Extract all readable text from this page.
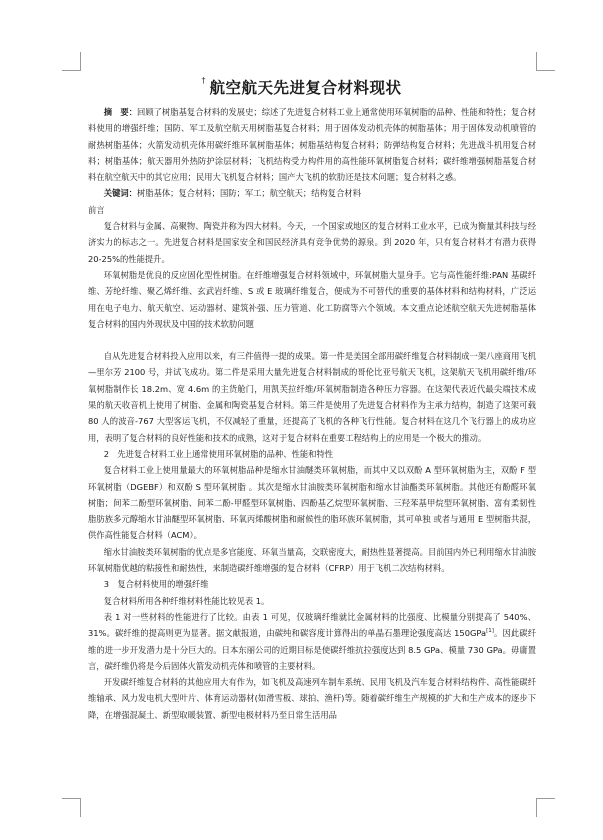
† 航空航天先进复合材料现状

摘　要：回顾了树脂基复合材料的发展史；综述了先进复合材料工业上通常使用环氧树脂的品种、性能和特性；复合材料使用的增强纤维；国防、军工及航空航天用树脂基复合材料；用于固体发动机壳体的树脂基体；用于固体发动机喷管的耐热树脂基体；火箭发动机壳体用碳纤维环氧树脂基体；树脂基结构复合材料；防弹结构复合材料；先进战斗机用复合材料；树脂基体；航天器用外热防护涂层材料；飞机结构受力构件用的高性能环氧树脂复合材料；碳纤维增强树脂基复合材料在航空航天中的其它应用；民用大飞机复合材料；国产大飞机的软肋还是技术问题；复合材料之惑。

关键词：树脂基体；复合材料；国防；军工；航空航天；结构复合材料

前言

复合材料与金属、高聚物、陶瓷并称为四大材料。今天，一个国家或地区的复合材料工业水平，已成为衡量其科技与经济实力的标志之一。先进复合材料是国家安全和国民经济具有竞争优势的源泉。到 2020 年，只有复合材料才有潜力获得 20-25%的性能提升。

环氧树脂是优良的反应固化型性树脂。在纤维增强复合材料领域中，环氧树脂大显身手。它与高性能纤维:PAN 基碳纤维、芳纶纤维、聚乙烯纤维、玄武岩纤维、S 或 E 玻璃纤维复合，便成为不可替代的重要的基体材料和结构材料，广泛运用在电子电力、航天航空、运动器材、建筑补强、压力管道、化工防腐等六个领域。本文重点论述航空航天先进树脂基体复合材料的国内外现状及中国的技术软肋问题

自从先进复合材料投入应用以来，有三件值得一提的成果。第一件是美国全部用碳纤维复合材料制成一架八座商用飞机—里尔芳 2100 号，并试飞成功。第二件是采用大量先进复合材料制成的哥伦比亚号航天飞机，这架航天飞机用碳纤维/环氧树脂制作长 18.2m、宽 4.6m 的主货舱门，用凯芙拉纤维/环氧树脂制造各种压力容器。在这架代表近代最尖端技术成果的航天收音机上使用了树脂、金属和陶瓷基复合材料。第三件是使用了先进复合材料作为主承力结构，制造了这架可载 80 人的波音-767 大型客运飞机，不仅减轻了重量，还提高了飞机的各种飞行性能。复合材料在这几个飞行器上的成功应用，表明了复合材料的良好性能和技术的成熟，这对于复合材料在重要工程结构上的应用是一个极大的推动。

2　先进复合材料工业上通常使用环氧树脂的品种、性能和特性

复合材料工业上使用量最大的环氧树脂品种是缩水甘油醚类环氧树脂，而其中又以双酚 A 型环氧树脂为主，双酚 F 型环氧树脂（DGEBF）和双酚 S 型环氧树脂 。其次是缩水甘油胺类环氧树脂和缩水甘油酯类环氧树脂。其他还有酚醛环氧树脂；间苯二酚型环氧树脂、间苯二酚-甲醛型环氧树脂、四酚基乙烷型环氧树脂、三羟苯基甲烷型环氧树脂、富有柔韧性脂肪族多元醇缩水甘油醚型环氧树脂、环氧丙烯酸树脂和耐候性的脂环族环氧树脂，其可单独 或者与通用 E 型树脂共混，供作高性能复合材料（ACM）。

缩水甘油胺类环氧树脂的优点是多官能度、环氧当量高，交联密度大，耐热性显著提高。目前国内外已利用缩水甘油胺环氧树脂优越的粘接性和耐热性，来制造碳纤维增强的复合材料（CFRP）用于飞机二次结构材料。

3　复合材料使用的增强纤维

复合材料所用各种纤维材料性能比较见表 1。

表 1 对一些材料的性能进行了比较。由表 1 可见，仅玻璃纤维就比金属材料的比强度、比模量分别提高了 540%、31%。碳纤维的提高则更为显著。据文献报道，由碳纯和碳容度计算得出的单晶石墨理论强度高达 150GPa[1]。因此碳纤维的进一步开发潜力是十分巨大的。日本东丽公司的近期目标是使碳纤维抗拉强度达到 8.5 GPa、模量 730 GPa。毋庸置言，碳纤维仍将是今后固体火箭发动机壳体和喷管的主要材料。

开发碳纤维复合材料的其他应用大有作为，如飞机及高速列车制车系统、民用飞机及汽车复合材料结构件、高性能碳纤维轴承、风力发电机大型叶片、体育运动器材(如滑雪板、球拍、渔杆)等。随着碳纤维生产规模的扩大和生产成本的逐步下降，在增强混凝土、新型取暖装置、新型电极材料乃至日常生活用品
